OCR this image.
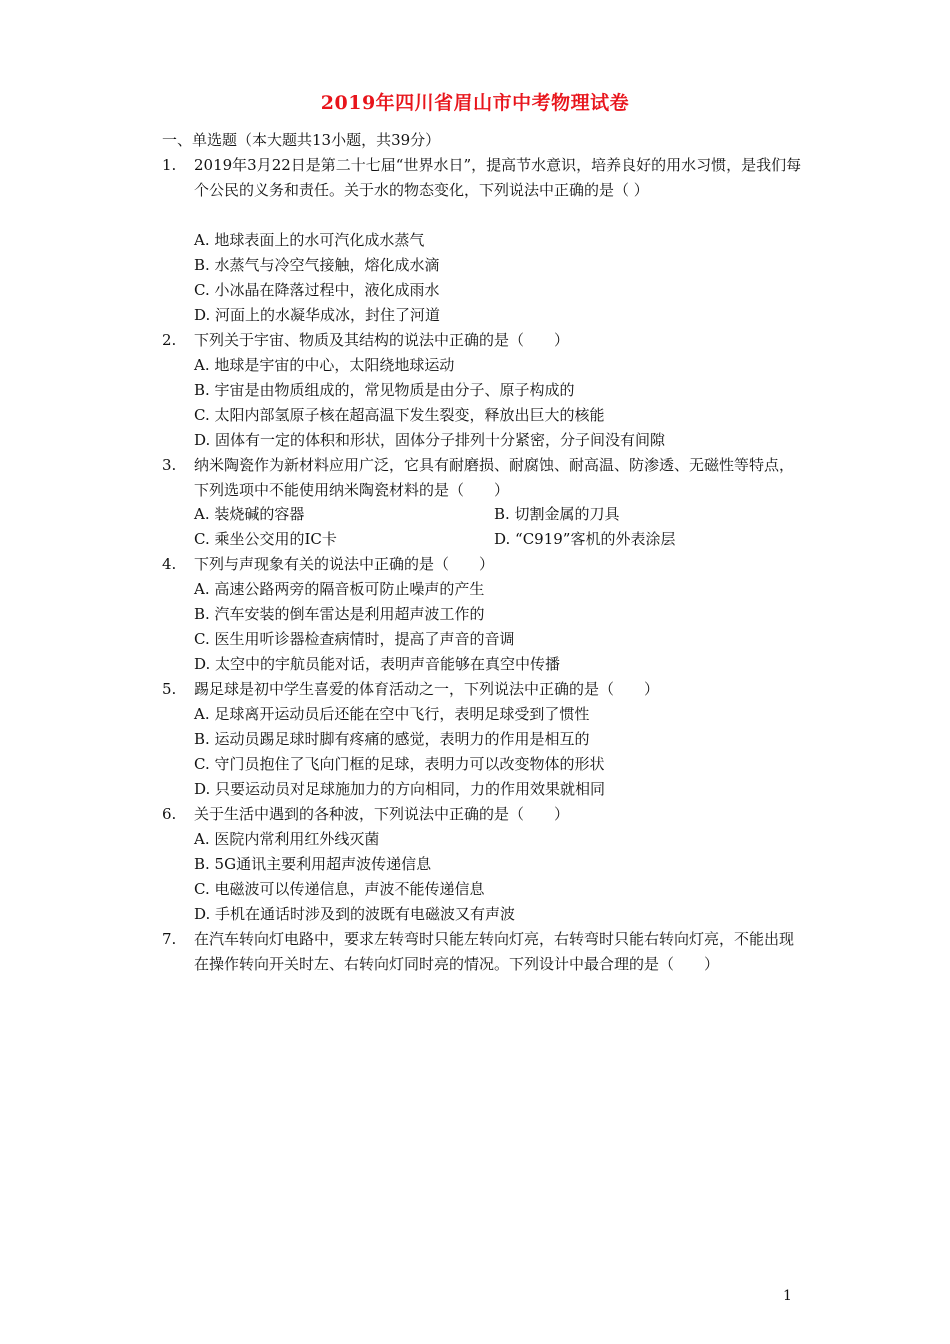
2019年四川省眉山市中考物理试卷
一、单选题（本大题共13小题，共39分）
1. 2019年3月22日是第二十七届“世界水日”，提高节水意识，培养良好的用水习惯，是我们每个公民的义务和责任。关于水的物态变化，下列说法中正确的是（ ）
A. 地球表面上的水可汽化成水蒸气
B. 水蒸气与冷空气接触，熔化成水滴
C. 小冰晶在降落过程中，液化成雨水
D. 河面上的水凝华成冰，封住了河道
2. 下列关于宇宙、物质及其结构的说法中正确的是（　　）
A. 地球是宇宙的中心，太阳绕地球运动
B. 宇宙是由物质组成的，常见物质是由分子、原子构成的
C. 太阳内部氢原子核在超高温下发生裂变，释放出巨大的核能
D. 固体有一定的体积和形状，固体分子排列十分紧密，分子间没有间隙
3. 纳米陶瓷作为新材料应用广泛，它具有耐磨损、耐腐蚀、耐高温、防渗透、无磁性等特点，下列选项中不能使用纳米陶瓷材料的是（　　）
A. 装烧碱的容器	B. 切割金属的刀具
C. 乘坐公交用的IC卡	D. “C919”客机的外表涂层
4. 下列与声现象有关的说法中正确的是（　　）
A. 高速公路两旁的隔音板可防止噪声的产生
B. 汽车安装的倒车雷达是利用超声波工作的
C. 医生用听诊器检查病情时，提高了声音的音调
D. 太空中的宇航员能对话，表明声音能够在真空中传播
5. 踢足球是初中学生喜爱的体育活动之一，下列说法中正确的是（　　）
A. 足球离开运动员后还能在空中飞行，表明足球受到了惯性
B. 运动员踢足球时脚有疼痛的感觉，表明力的作用是相互的
C. 守门员抱住了飞向门框的足球，表明力可以改变物体的形状
D. 只要运动员对足球施加力的方向相同，力的作用效果就相同
6. 关于生活中遇到的各种波，下列说法中正确的是（　　）
A. 医院内常利用红外线灭菌
B. 5G通讯主要利用超声波传递信息
C. 电磁波可以传递信息，声波不能传递信息
D. 手机在通话时涉及到的波既有电磁波又有声波
7. 在汽车转向灯电路中，要求左转弯时只能左转向灯亮，右转弯时只能右转向灯亮，不能出现在操作转向开关时左、右转向灯同时亮的情况。下列设计中最合理的是（　　）
1
